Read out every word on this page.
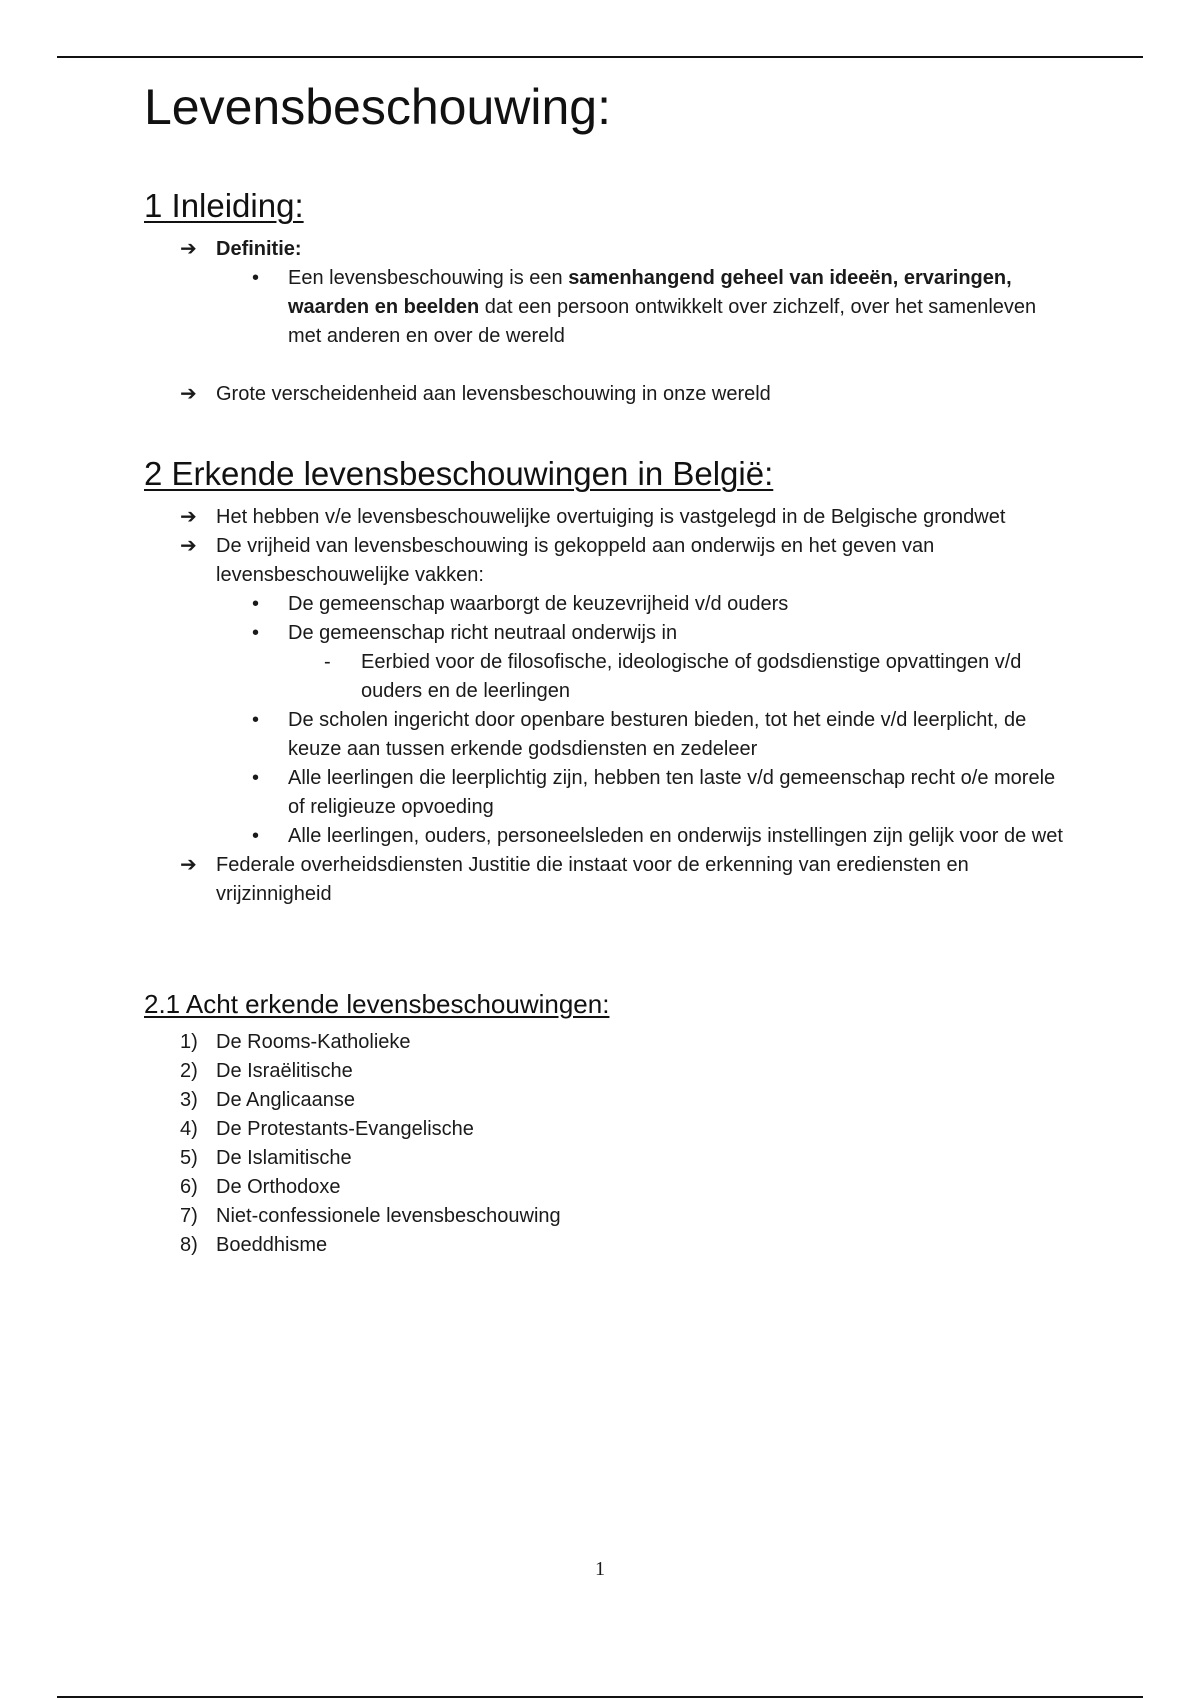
Levensbeschouwing:
1 Inleiding:
➔ Definitie:
• Een levensbeschouwing is een samenhangend geheel van ideeën, ervaringen, waarden en beelden dat een persoon ontwikkelt over zichzelf, over het samenleven met anderen en over de wereld
➔ Grote verscheidenheid aan levensbeschouwing in onze wereld
2 Erkende levensbeschouwingen in België:
➔ Het hebben v/e levensbeschouwelijke overtuiging is vastgelegd in de Belgische grondwet
➔ De vrijheid van levensbeschouwing is gekoppeld aan onderwijs en het geven van levensbeschouwelijke vakken:
• De gemeenschap waarborgt de keuzevrijheid v/d ouders
• De gemeenschap richt neutraal onderwijs in
- Eerbied voor de filosofische, ideologische of godsdienstige opvattingen v/d ouders en de leerlingen
• De scholen ingericht door openbare besturen bieden, tot het einde v/d leerplicht, de keuze aan tussen erkende godsdiensten en zedeleer
• Alle leerlingen die leerplichtig zijn, hebben ten laste v/d gemeenschap recht o/e morele of religieuze opvoeding
• Alle leerlingen, ouders, personeelsleden en onderwijs instellingen zijn gelijk voor de wet
➔ Federale overheidsdiensten Justitie die instaat voor de erkenning van erediensten en vrijzinnigheid
2.1 Acht erkende levensbeschouwingen:
1) De Rooms-Katholieke
2) De Israëlitische
3) De Anglicaanse
4) De Protestants-Evangelische
5) De Islamitische
6) De Orthodoxe
7) Niet-confessionele levensbeschouwing
8) Boeddhisme
1
